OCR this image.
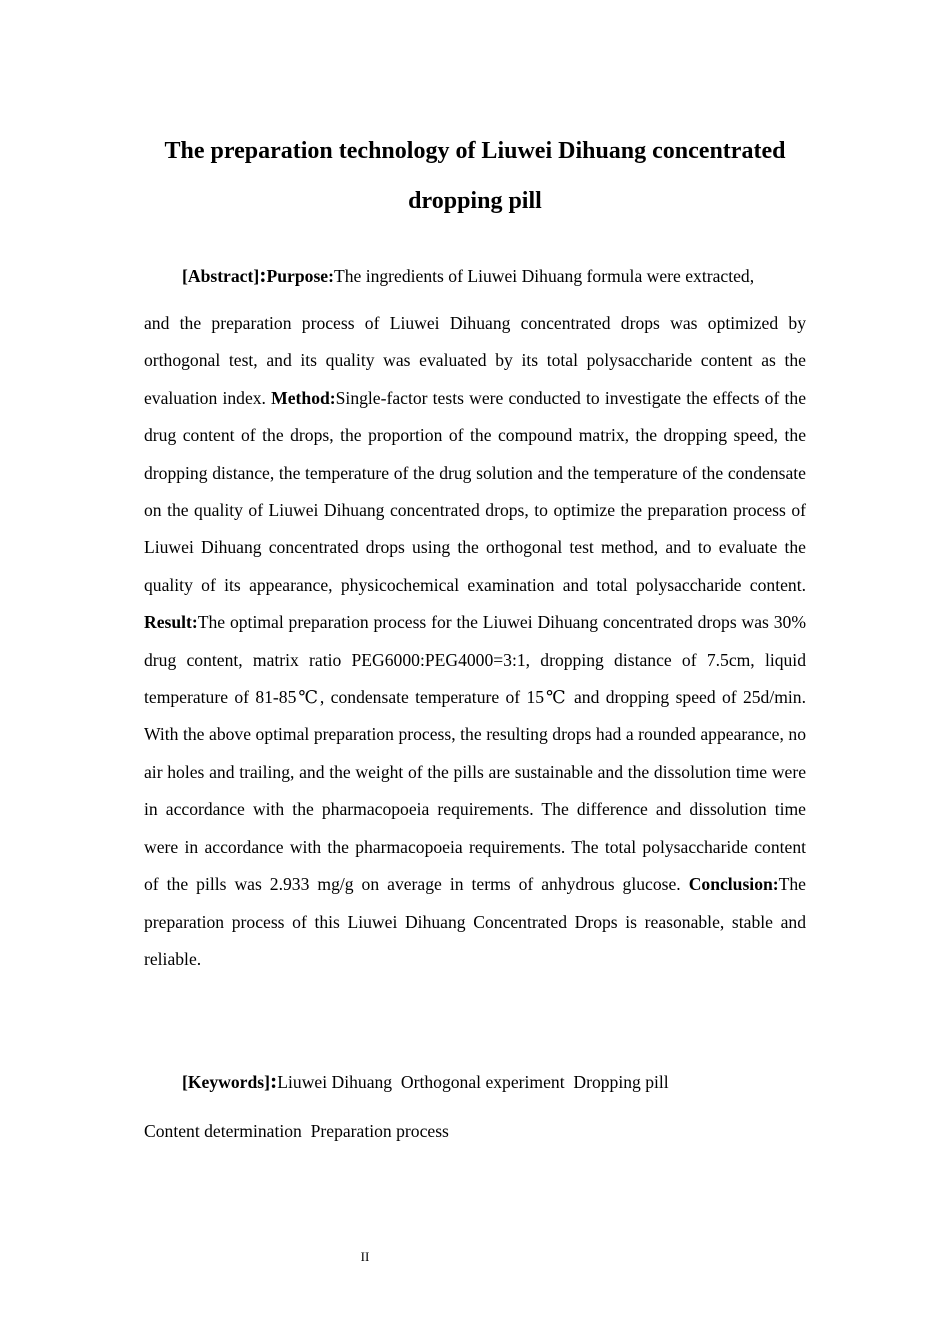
The preparation technology of Liuwei Dihuang concentrated
dropping pill

[Abstract]:Purpose:The ingredients of Liuwei Dihuang formula were extracted,

and the preparation process of Liuwei Dihuang concentrated drops was optimized by orthogonal test, and its quality was evaluated by its total polysaccharide content as the evaluation index. Method:Single-factor tests were conducted to investigate the effects of the drug content of the drops, the proportion of the compound matrix, the dropping speed, the dropping distance, the temperature of the drug solution and the temperature of the condensate on the quality of Liuwei Dihuang concentrated drops, to optimize the preparation process of Liuwei Dihuang concentrated drops using the orthogonal test method, and to evaluate the quality of its appearance, physicochemical examination and total polysaccharide content. Result:The optimal preparation process for the Liuwei Dihuang concentrated drops was 30% drug content, matrix ratio PEG6000:PEG4000=3:1, dropping distance of 7.5cm, liquid temperature of 81-85℃, condensate temperature of 15℃ and dropping speed of 25d/min. With the above optimal preparation process, the resulting drops had a rounded appearance, no air holes and trailing, and the weight of the pills are sustainable and the dissolution time were in accordance with the pharmacopoeia requirements. The difference and dissolution time were in accordance with the pharmacopoeia requirements. The total polysaccharide content of the pills was 2.933 mg/g on average in terms of anhydrous glucose. Conclusion:The preparation process of this Liuwei Dihuang Concentrated Drops is reasonable, stable and reliable.

[Keywords]:Liuwei Dihuang Orthogonal experiment Dropping pill

Content determination Preparation process

II
